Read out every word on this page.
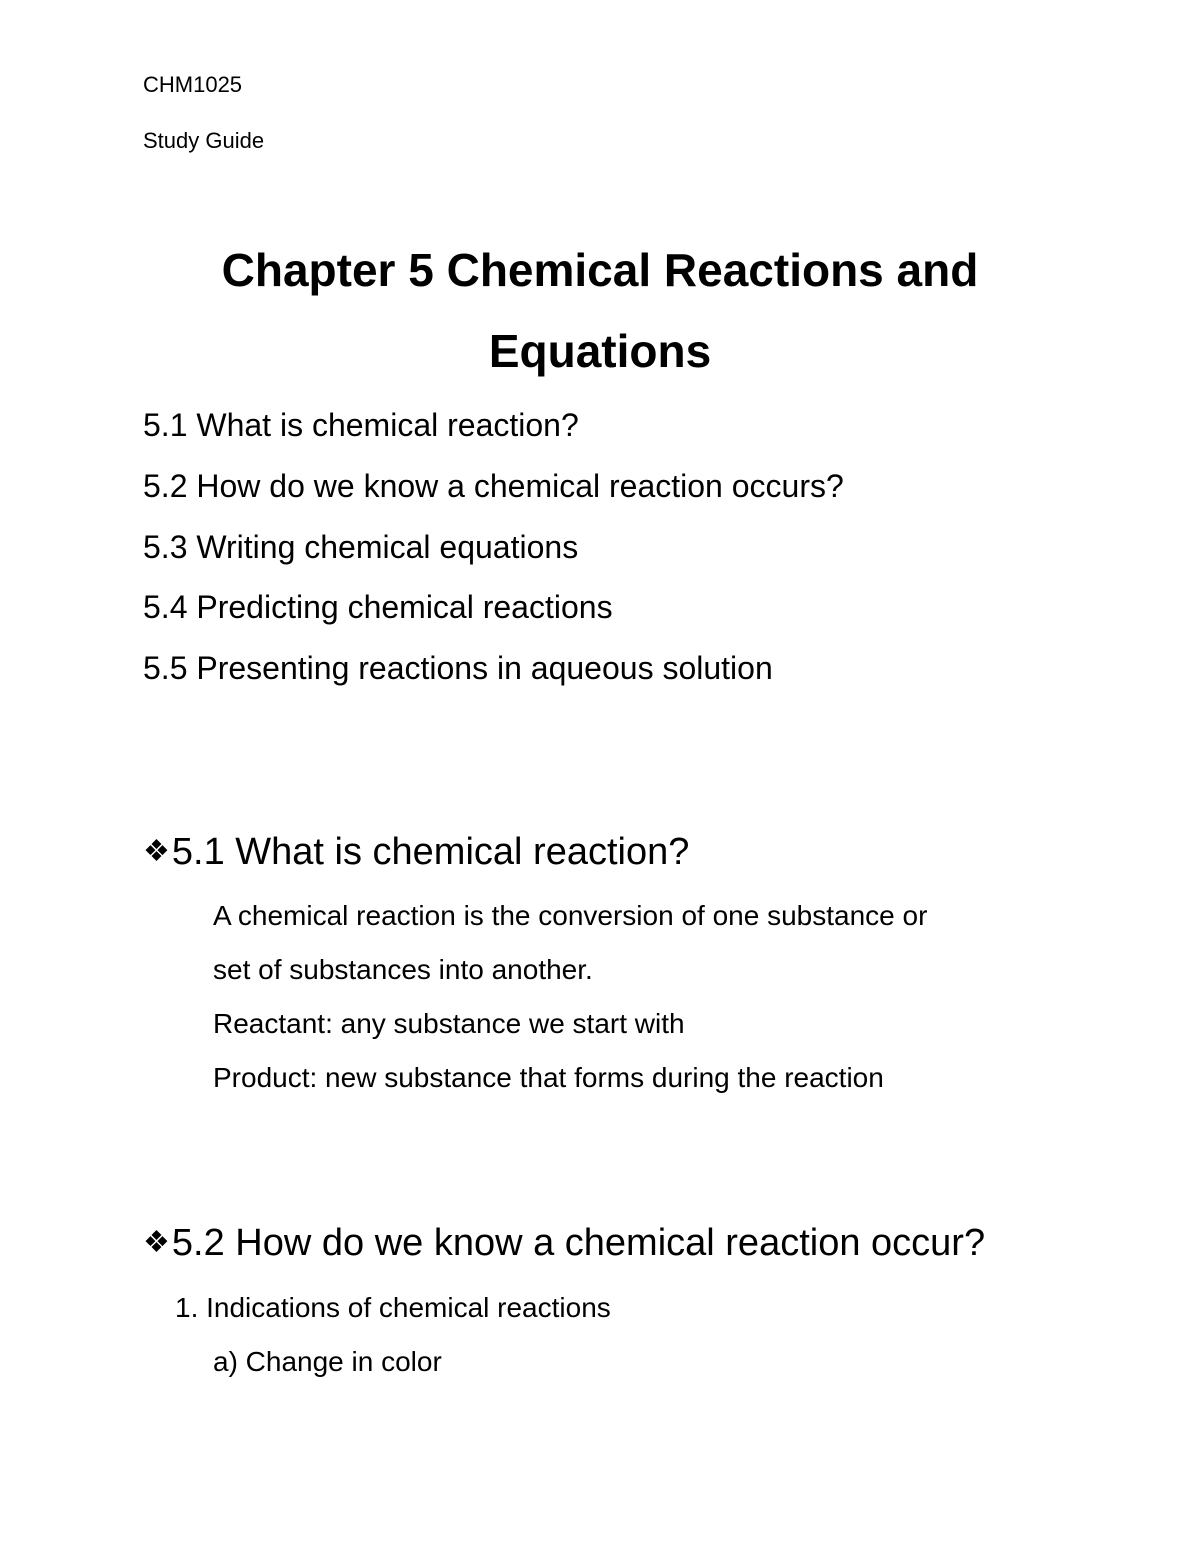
CHM1025
Study Guide
Chapter 5 Chemical Reactions and
Equations
5.1 What is chemical reaction?
5.2 How do we know a chemical reaction occurs?
5.3 Writing chemical equations
5.4 Predicting chemical reactions
5.5 Presenting reactions in aqueous solution
❖5.1 What is chemical reaction?
A chemical reaction is the conversion of one substance or
set of substances into another.
Reactant: any substance we start with
Product: new substance that forms during the reaction
❖5.2 How do we know a chemical reaction occur?
1. Indications of chemical reactions
a) Change in color
